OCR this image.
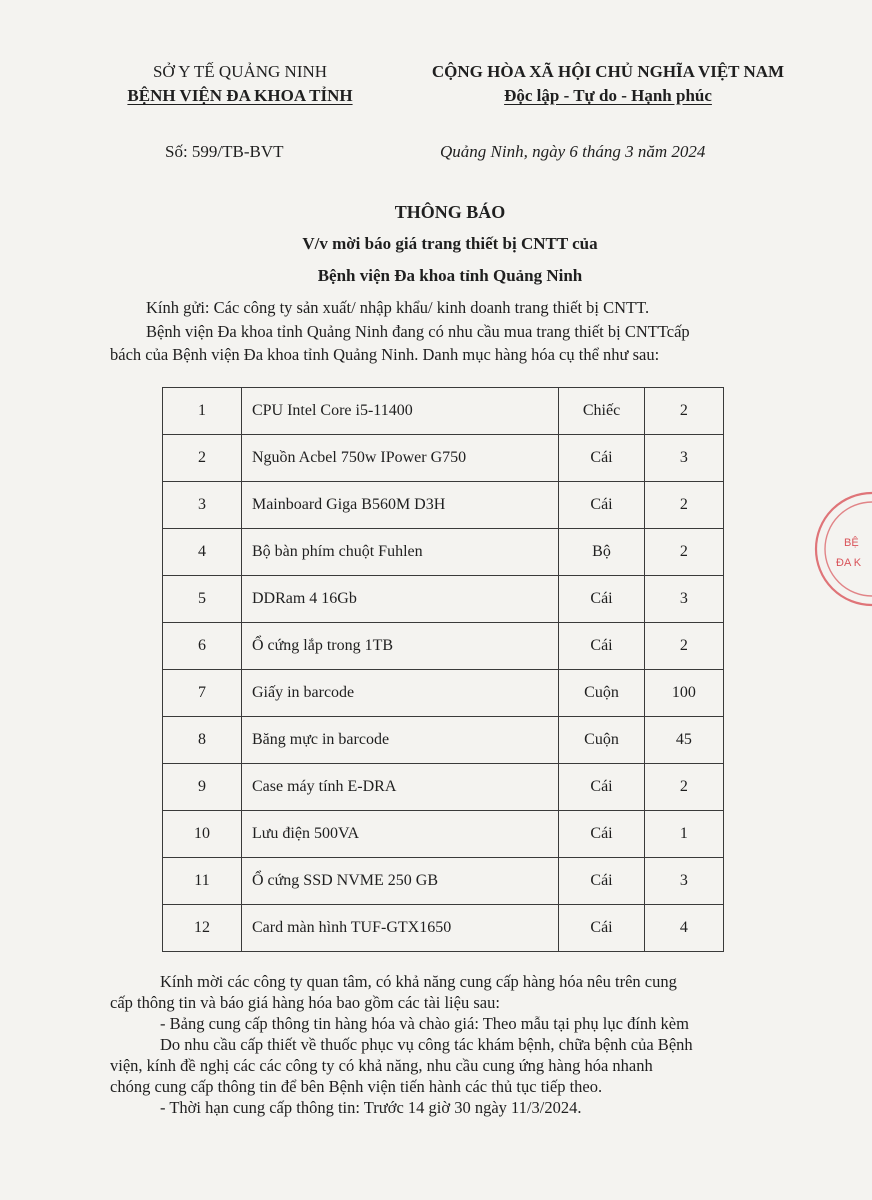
SỞ Y TẾ QUẢNG NINH
BỆNH VIỆN ĐA KHOA TỈNH
CỘNG HÒA XÃ HỘI CHỦ NGHĨA VIỆT NAM
Độc lập - Tự do - Hạnh phúc
Số: 599/TB-BVT	Quảng Ninh, ngày 6 tháng 3 năm 2024
THÔNG BÁO
V/v mời báo giá trang thiết bị CNTT của
Bệnh viện Đa khoa tỉnh Quảng Ninh
Kính gửi: Các công ty sản xuất/ nhập khẩu/ kinh doanh trang thiết bị CNTT.
Bệnh viện Đa khoa tỉnh Quảng Ninh đang có nhu cầu mua trang thiết bị CNTTcấp
bách của Bệnh viện Đa khoa tỉnh Quảng Ninh. Danh mục hàng hóa cụ thể như sau:
1	CPU Intel Core i5-11400	Chiếc	2
2	Nguồn Acbel 750w IPower G750	Cái	3
3	Mainboard Giga B560M D3H	Cái	2
4	Bộ bàn phím chuột Fuhlen	Bộ	2
5	DDRam 4 16Gb	Cái	3
6	Ổ cứng lắp trong 1TB	Cái	2
7	Giấy in barcode	Cuộn	100
8	Băng mực in barcode	Cuộn	45
9	Case máy tính E-DRA	Cái	2
10	Lưu điện 500VA	Cái	1
11	Ổ cứng SSD NVME 250 GB	Cái	3
12	Card màn hình TUF-GTX1650	Cái	4
Kính mời các công ty quan tâm, có khả năng cung cấp hàng hóa nêu trên cung
cấp thông tin và báo giá hàng hóa bao gồm các tài liệu sau:
- Bảng cung cấp thông tin hàng hóa và chào giá: Theo mẫu tại phụ lục đính kèm
Do nhu cầu cấp thiết về thuốc phục vụ công tác khám bệnh, chữa bệnh của Bệnh
viện, kính đề nghị các các công ty có khả năng, nhu cầu cung ứng hàng hóa nhanh
chóng cung cấp thông tin để bên Bệnh viện tiến hành các thủ tục tiếp theo.
- Thời hạn cung cấp thông tin: Trước 14 giờ 30 ngày 11/3/2024.
BỆ
ĐA K
